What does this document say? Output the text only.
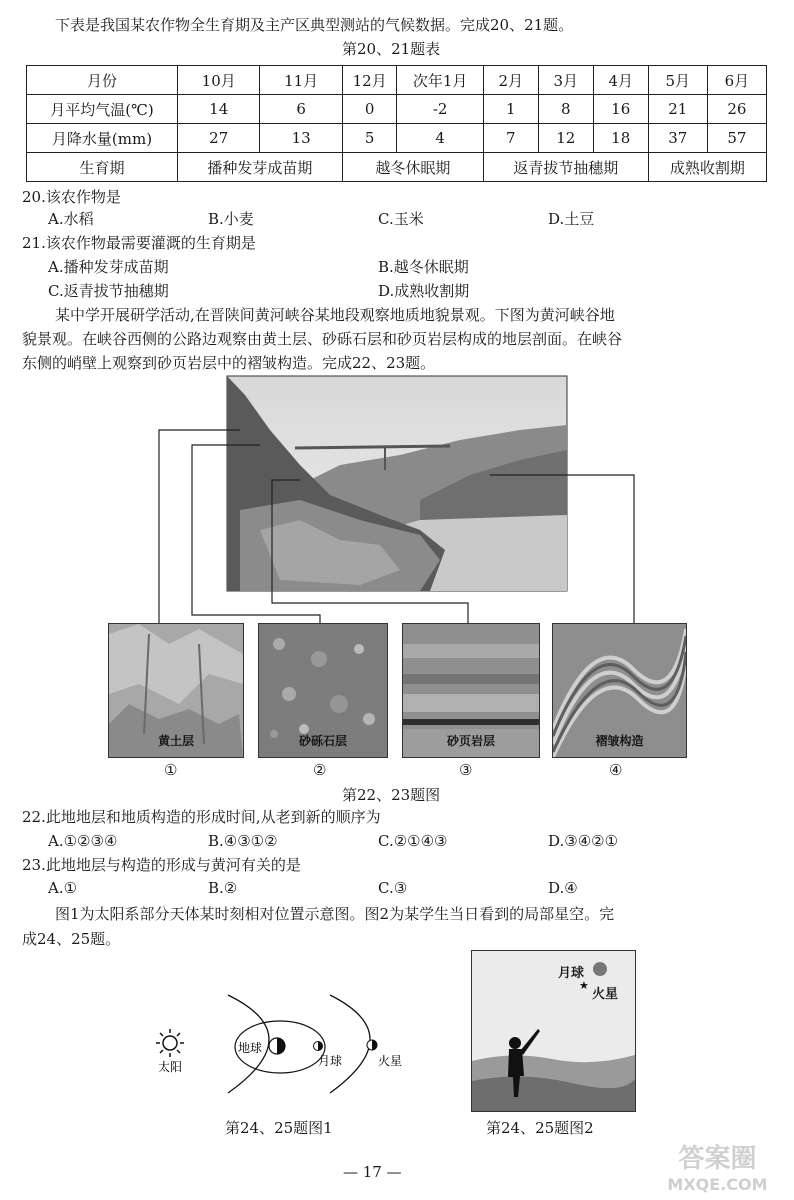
下表是我国某农作物全生育期及主产区典型测站的气候数据。完成20、21题。
第20、21题表
月份	10月	11月	12月	次年1月	2月	3月	4月	5月	6月
月平均气温(℃)	14	6	0	-2	1	8	16	21	26
月降水量(mm)	27	13	5	4	7	12	18	37	57
生育期	播种发芽成苗期		越冬休眠期		返青拔节抽穗期			成熟收割期	
20.该农作物是
A.水稻	B.小麦	C.玉米	D.土豆
21.该农作物最需要灌溉的生育期是
A.播种发芽成苗期	B.越冬休眠期
C.返青拔节抽穗期	D.成熟收割期
某中学开展研学活动,在晋陕间黄河峡谷某地段观察地质地貌景观。下图为黄河峡谷地
貌景观。在峡谷西侧的公路边观察由黄土层、砂砾石层和砂页岩层构成的地层剖面。在峡谷
东侧的峭壁上观察到砂页岩层中的褶皱构造。完成22、23题。
黄土层	砂砾石层	砂页岩层	褶皱构造
①	②	③	④
第22、23题图
22.此地地层和地质构造的形成时间,从老到新的顺序为
A.①②③④	B.④③①②	C.②①④③	D.③④②①
23.此地地层与构造的形成与黄河有关的是
A.①	B.②	C.③	D.④
图1为太阳系部分天体某时刻相对位置示意图。图2为某学生当日看到的局部星空。完
成24、25题。
太阳
地球
月球	火星
第24、25题图1
★
月球
火星
第24、25题图2
— 17 —	答案圈
MXQE.COM
